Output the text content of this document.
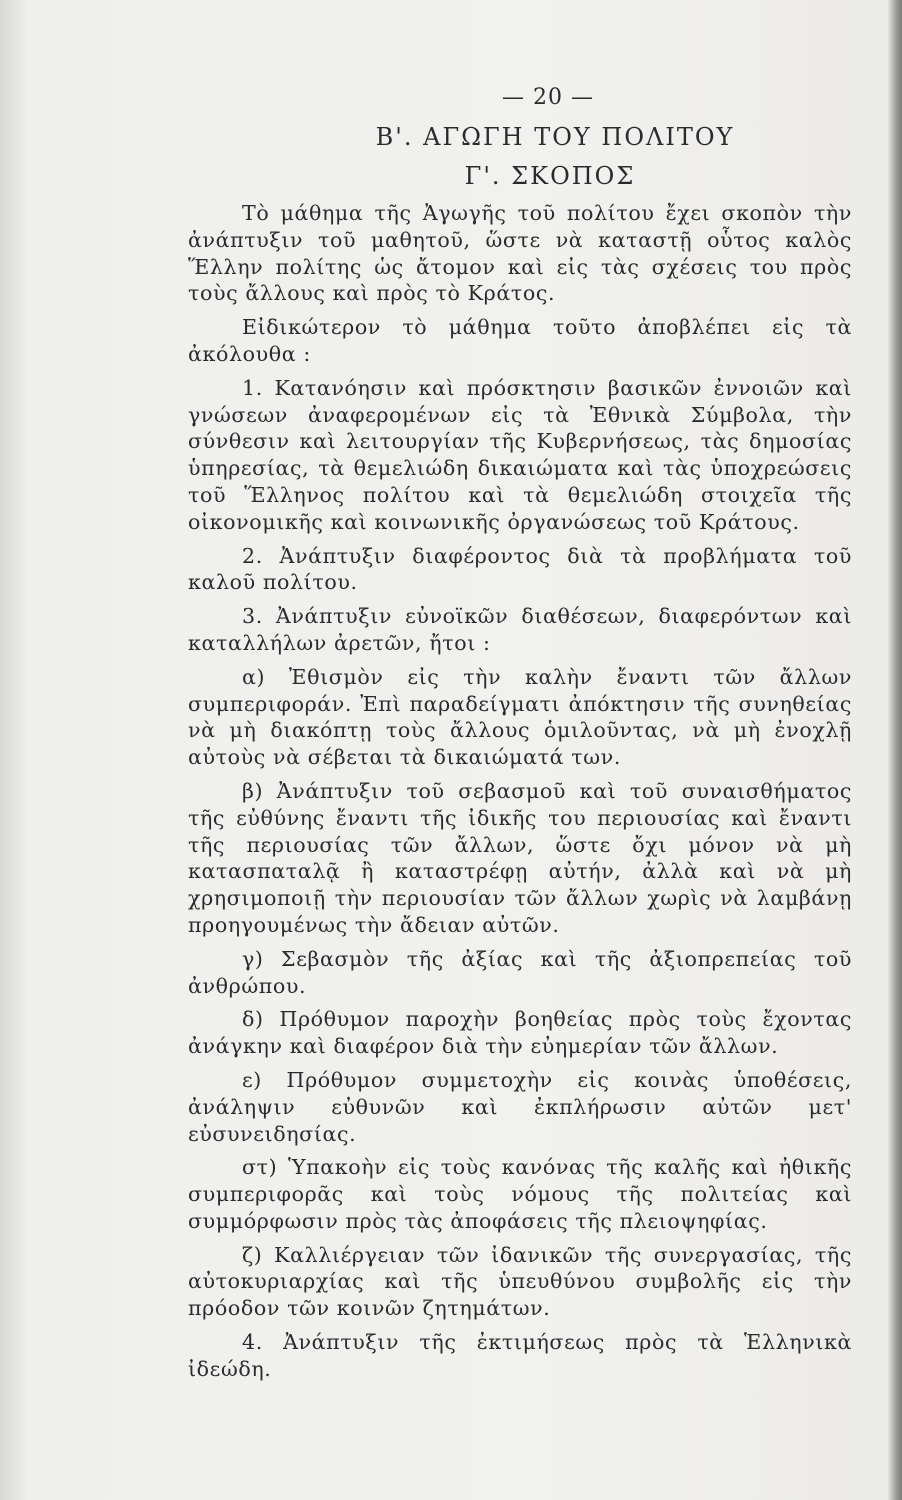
— 20 —
Β'. ΑΓΩΓΗ ΤΟΥ ΠΟΛΙΤΟΥ
Γ'. ΣΚΟΠΟΣ

Τὸ μάθημα τῆς Ἀγωγῆς τοῦ πολίτου ἔχει σκοπὸν τὴν ἀνάπτυξιν τοῦ μαθητοῦ, ὥστε νὰ καταστῇ οὗτος καλὸς Ἕλλην πολίτης ὡς ἄτομον καὶ εἰς τὰς σχέσεις του πρὸς τοὺς ἄλλους καὶ πρὸς τὸ Κράτος.

Εἰδικώτερον τὸ μάθημα τοῦτο ἀποβλέπει εἰς τὰ ἀκόλουθα :

1. Κατανόησιν καὶ πρόσκτησιν βασικῶν ἐννοιῶν καὶ γνώσεων ἀναφερομένων εἰς τὰ Ἐθνικὰ Σύμβολα, τὴν σύνθεσιν καὶ λειτουργίαν τῆς Κυβερνήσεως, τὰς δημοσίας ὑπηρεσίας, τὰ θεμελιώδη δικαιώματα καὶ τὰς ὑποχρεώσεις τοῦ Ἕλληνος πολίτου καὶ τὰ θεμελιώδη στοιχεῖα τῆς οἰκονομικῆς καὶ κοινωνικῆς ὀργανώσεως τοῦ Κράτους.

2. Ἀνάπτυξιν διαφέροντος διὰ τὰ προβλήματα τοῦ καλοῦ πολίτου.

3. Ἀνάπτυξιν εὐνοϊκῶν διαθέσεων, διαφερόντων καὶ καταλλήλων ἀρετῶν, ἤτοι :

α) Ἐθισμὸν εἰς τὴν καλὴν ἔναντι τῶν ἄλλων συμπεριφοράν. Ἐπὶ παραδείγματι ἀπόκτησιν τῆς συνηθείας νὰ μὴ διακόπτῃ τοὺς ἄλλους ὁμιλοῦντας, νὰ μὴ ἐνοχλῇ αὐτοὺς νὰ σέβεται τὰ δικαιώματά των.

β) Ἀνάπτυξιν τοῦ σεβασμοῦ καὶ τοῦ συναισθήματος τῆς εὐθύνης ἔναντι τῆς ἰδικῆς του περιουσίας καὶ ἔναντι τῆς περιουσίας τῶν ἄλλων, ὥστε ὄχι μόνον νὰ μὴ κατασπαταλᾷ ἢ καταστρέφῃ αὐτήν, ἀλλὰ καὶ νὰ μὴ χρησιμοποιῇ τὴν περιουσίαν τῶν ἄλλων χωρὶς νὰ λαμβάνῃ προηγουμένως τὴν ἄδειαν αὐτῶν.

γ) Σεβασμὸν τῆς ἀξίας καὶ τῆς ἀξιοπρεπείας τοῦ ἀνθρώπου.

δ) Πρόθυμον παροχὴν βοηθείας πρὸς τοὺς ἔχοντας ἀνάγκην καὶ διαφέρον διὰ τὴν εὐημερίαν τῶν ἄλλων.

ε) Πρόθυμον συμμετοχὴν εἰς κοινὰς ὑποθέσεις, ἀνάληψιν εὐθυνῶν καὶ ἐκπλήρωσιν αὐτῶν μετ' εὐσυνειδησίας.

στ) Ὑπακοὴν εἰς τοὺς κανόνας τῆς καλῆς καὶ ἠθικῆς συμπεριφορᾶς καὶ τοὺς νόμους τῆς πολιτείας καὶ συμμόρφωσιν πρὸς τὰς ἀποφάσεις τῆς πλειοψηφίας.

ζ) Καλλιέργειαν τῶν ἰδανικῶν τῆς συνεργασίας, τῆς αὐτοκυριαρχίας καὶ τῆς ὑπευθύνου συμβολῆς εἰς τὴν πρόοδον τῶν κοινῶν ζητημάτων.

4. Ἀνάπτυξιν τῆς ἐκτιμήσεως πρὸς τὰ Ἑλληνικὰ ἰδεώδη.
